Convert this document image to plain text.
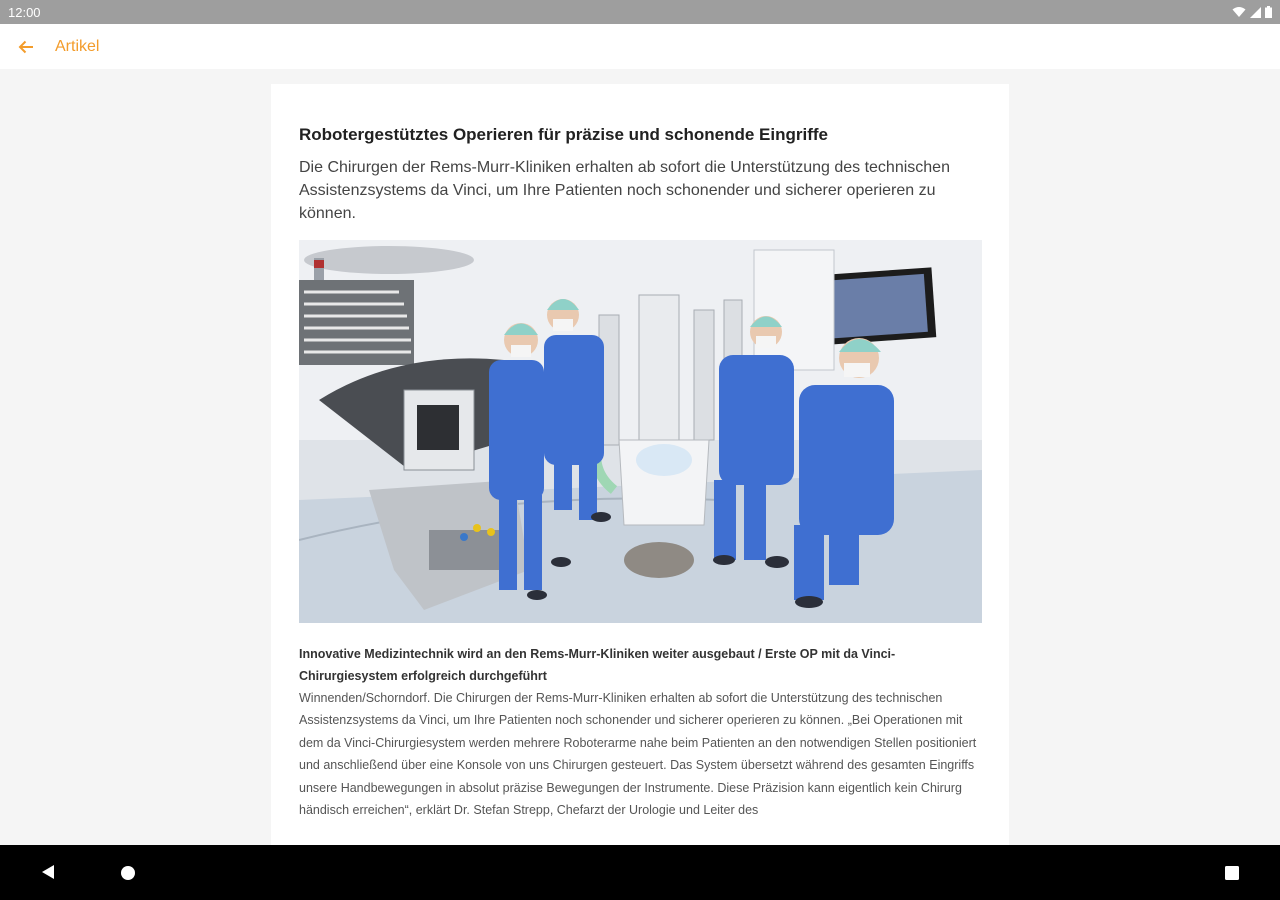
12:00
Artikel
Robotergestütztes Operieren für präzise und schonende Eingriffe

Die Chirurgen der Rems-Murr-Kliniken erhalten ab sofort die Unterstützung des technischen Assistenzsystems da Vinci, um Ihre Patienten noch schonender und sicherer operieren zu können.

Innovative Medizintechnik wird an den Rems-Murr-Kliniken weiter ausgebaut / Erste OP mit da Vinci-Chirurgiesystem erfolgreich durchgeführt

Winnenden/Schorndorf. Die Chirurgen der Rems-Murr-Kliniken erhalten ab sofort die Unterstützung des technischen Assistenzsystems da Vinci, um Ihre Patienten noch schonender und sicherer operieren zu können. „Bei Operationen mit dem da Vinci-Chirurgiesystem werden mehrere Roboterarme nahe beim Patienten an den notwendigen Stellen positioniert und anschließend über eine Konsole von uns Chirurgen gesteuert. Das System übersetzt während des gesamten Eingriffs unsere Handbewegungen in absolut präzise Bewegungen der Instrumente. Diese Präzision kann eigentlich kein Chirurg händisch erreichen“, erklärt Dr. Stefan Strepp, Chefarzt der Urologie und Leiter des
